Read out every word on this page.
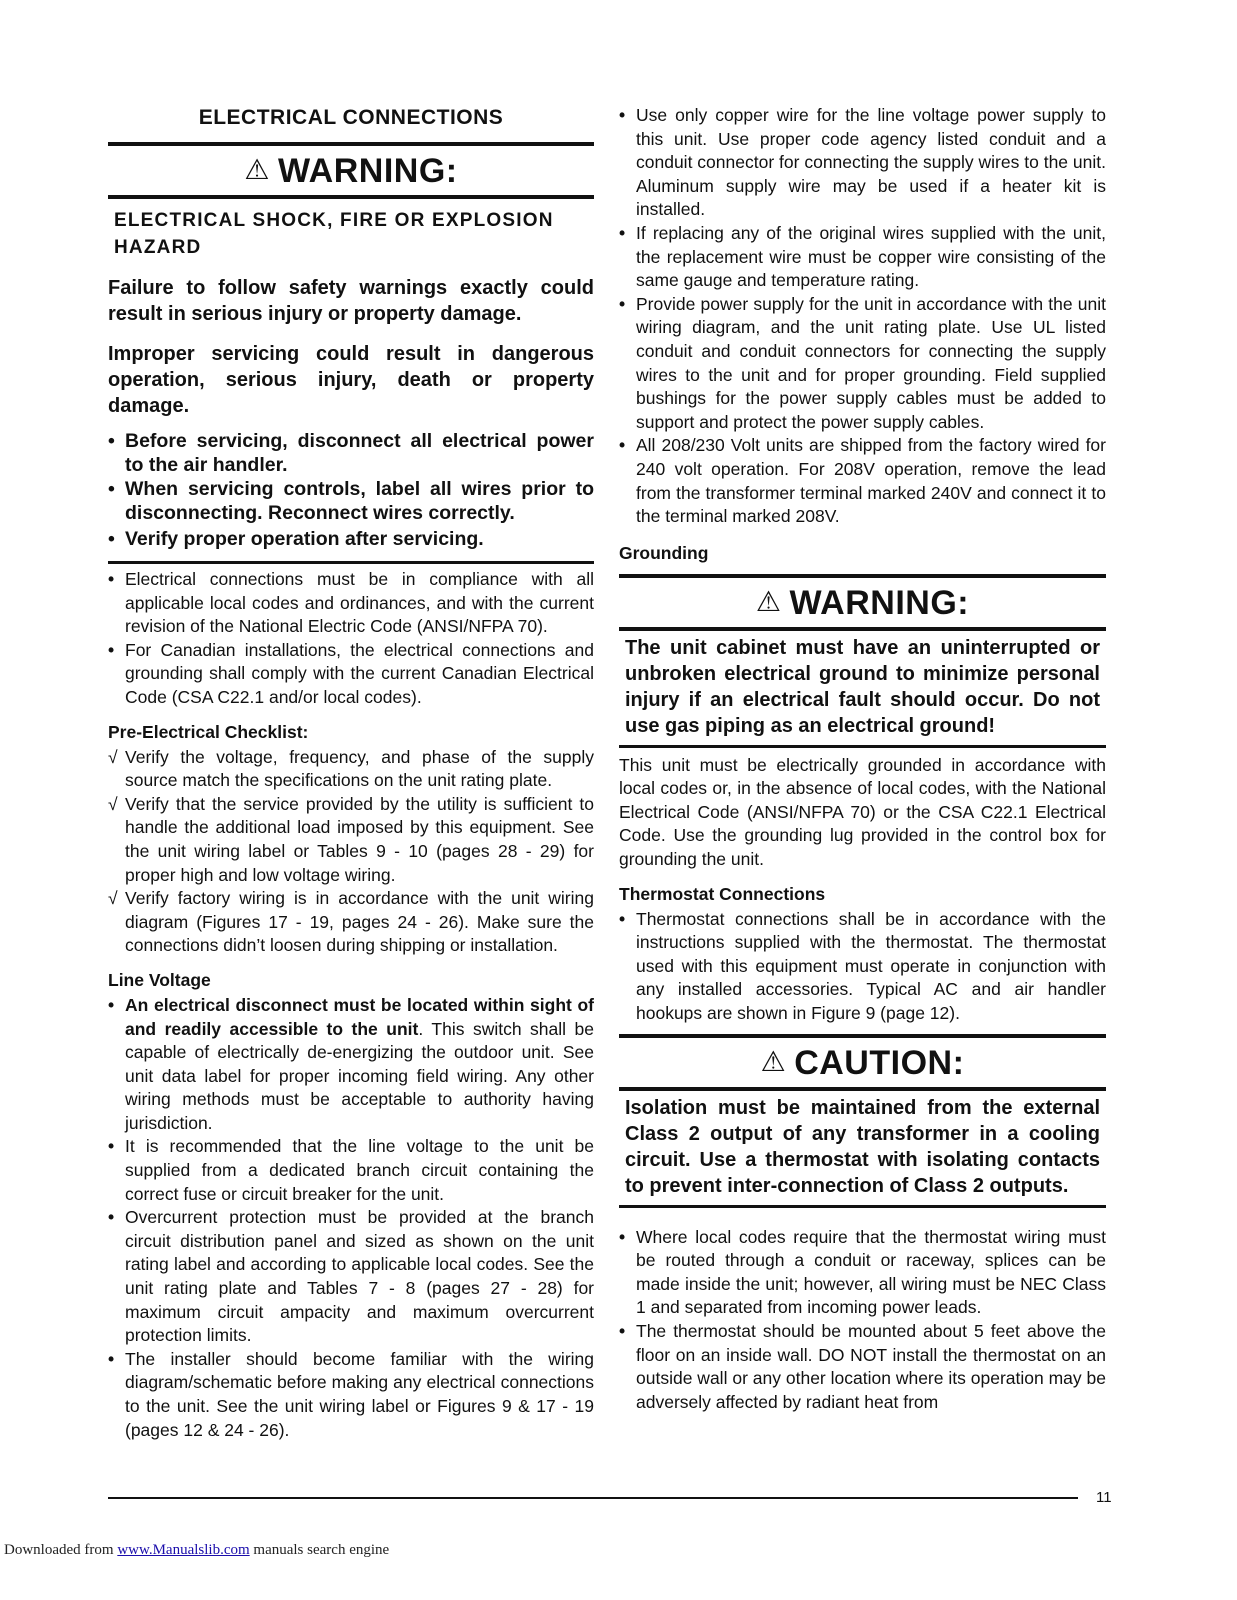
ELECTRICAL CONNECTIONS
⚠ WARNING:
ELECTRICAL SHOCK, FIRE OR EXPLOSION HAZARD

Failure to follow safety warnings exactly could result in serious injury or property damage.

Improper servicing could result in dangerous operation, serious injury, death or property damage.

• Before servicing, disconnect all electrical power to the air handler.
• When servicing controls, label all wires prior to disconnecting. Reconnect wires correctly.
• Verify proper operation after servicing.
• Electrical connections must be in compliance with all applicable local codes and ordinances, and with the current revision of the National Electric Code (ANSI/NFPA 70).
• For Canadian installations, the electrical connections and grounding shall comply with the current Canadian Electrical Code (CSA C22.1 and/or local codes).
Pre-Electrical Checklist:
√ Verify the voltage, frequency, and phase of the supply source match the specifications on the unit rating plate.
√ Verify that the service provided by the utility is sufficient to handle the additional load imposed by this equipment. See the unit wiring label or Tables 9 - 10 (pages 28 - 29) for proper high and low voltage wiring.
√ Verify factory wiring is in accordance with the unit wiring diagram (Figures 17 - 19, pages 24 - 26). Make sure the connections didn’t loosen during shipping or installation.
Line Voltage
• An electrical disconnect must be located within sight of and readily accessible to the unit. This switch shall be capable of electrically de-energizing the outdoor unit. See unit data label for proper incoming field wiring. Any other wiring methods must be acceptable to authority having jurisdiction.
• It is recommended that the line voltage to the unit be supplied from a dedicated branch circuit containing the correct fuse or circuit breaker for the unit.
• Overcurrent protection must be provided at the branch circuit distribution panel and sized as shown on the unit rating label and according to applicable local codes. See the unit rating plate and Tables 7 - 8 (pages 27 - 28) for maximum circuit ampacity and maximum overcurrent protection limits.
• The installer should become familiar with the wiring diagram/schematic before making any electrical connections to the unit. See the unit wiring label or Figures 9 & 17 - 19 (pages 12 & 24 - 26).
• Use only copper wire for the line voltage power supply to this unit. Use proper code agency listed conduit and a conduit connector for connecting the supply wires to the unit. Aluminum supply wire may be used if a heater kit is installed.
• If replacing any of the original wires supplied with the unit, the replacement wire must be copper wire consisting of the same gauge and temperature rating.
• Provide power supply for the unit in accordance with the unit wiring diagram, and the unit rating plate. Use UL listed conduit and conduit connectors for connecting the supply wires to the unit and for proper grounding. Field supplied bushings for the power supply cables must be added to support and protect the power supply cables.
• All 208/230 Volt units are shipped from the factory wired for 240 volt operation. For 208V operation, remove the lead from the transformer terminal marked 240V and connect it to the terminal marked 208V.
Grounding
⚠ WARNING:
The unit cabinet must have an uninterrupted or unbroken electrical ground to minimize personal injury if an electrical fault should occur. Do not use gas piping as an electrical ground!

This unit must be electrically grounded in accordance with local codes or, in the absence of local codes, with the National Electrical Code (ANSI/NFPA 70) or the CSA C22.1 Electrical Code. Use the grounding lug provided in the control box for grounding the unit.

Thermostat Connections
• Thermostat connections shall be in accordance with the instructions supplied with the thermostat. The thermostat used with this equipment must operate in conjunction with any installed accessories. Typical AC and air handler hookups are shown in Figure 9 (page 12).
⚠ CAUTION:
Isolation must be maintained from the external Class 2 output of any transformer in a cooling circuit. Use a thermostat with isolating contacts to prevent inter-connection of Class 2 outputs.
• Where local codes require that the thermostat wiring must be routed through a conduit or raceway, splices can be made inside the unit; however, all wiring must be NEC Class 1 and separated from incoming power leads.
• The thermostat should be mounted about 5 feet above the floor on an inside wall. DO NOT install the thermostat on an outside wall or any other location where its operation may be adversely affected by radiant heat from
11
Downloaded from www.Manualslib.com manuals search engine
